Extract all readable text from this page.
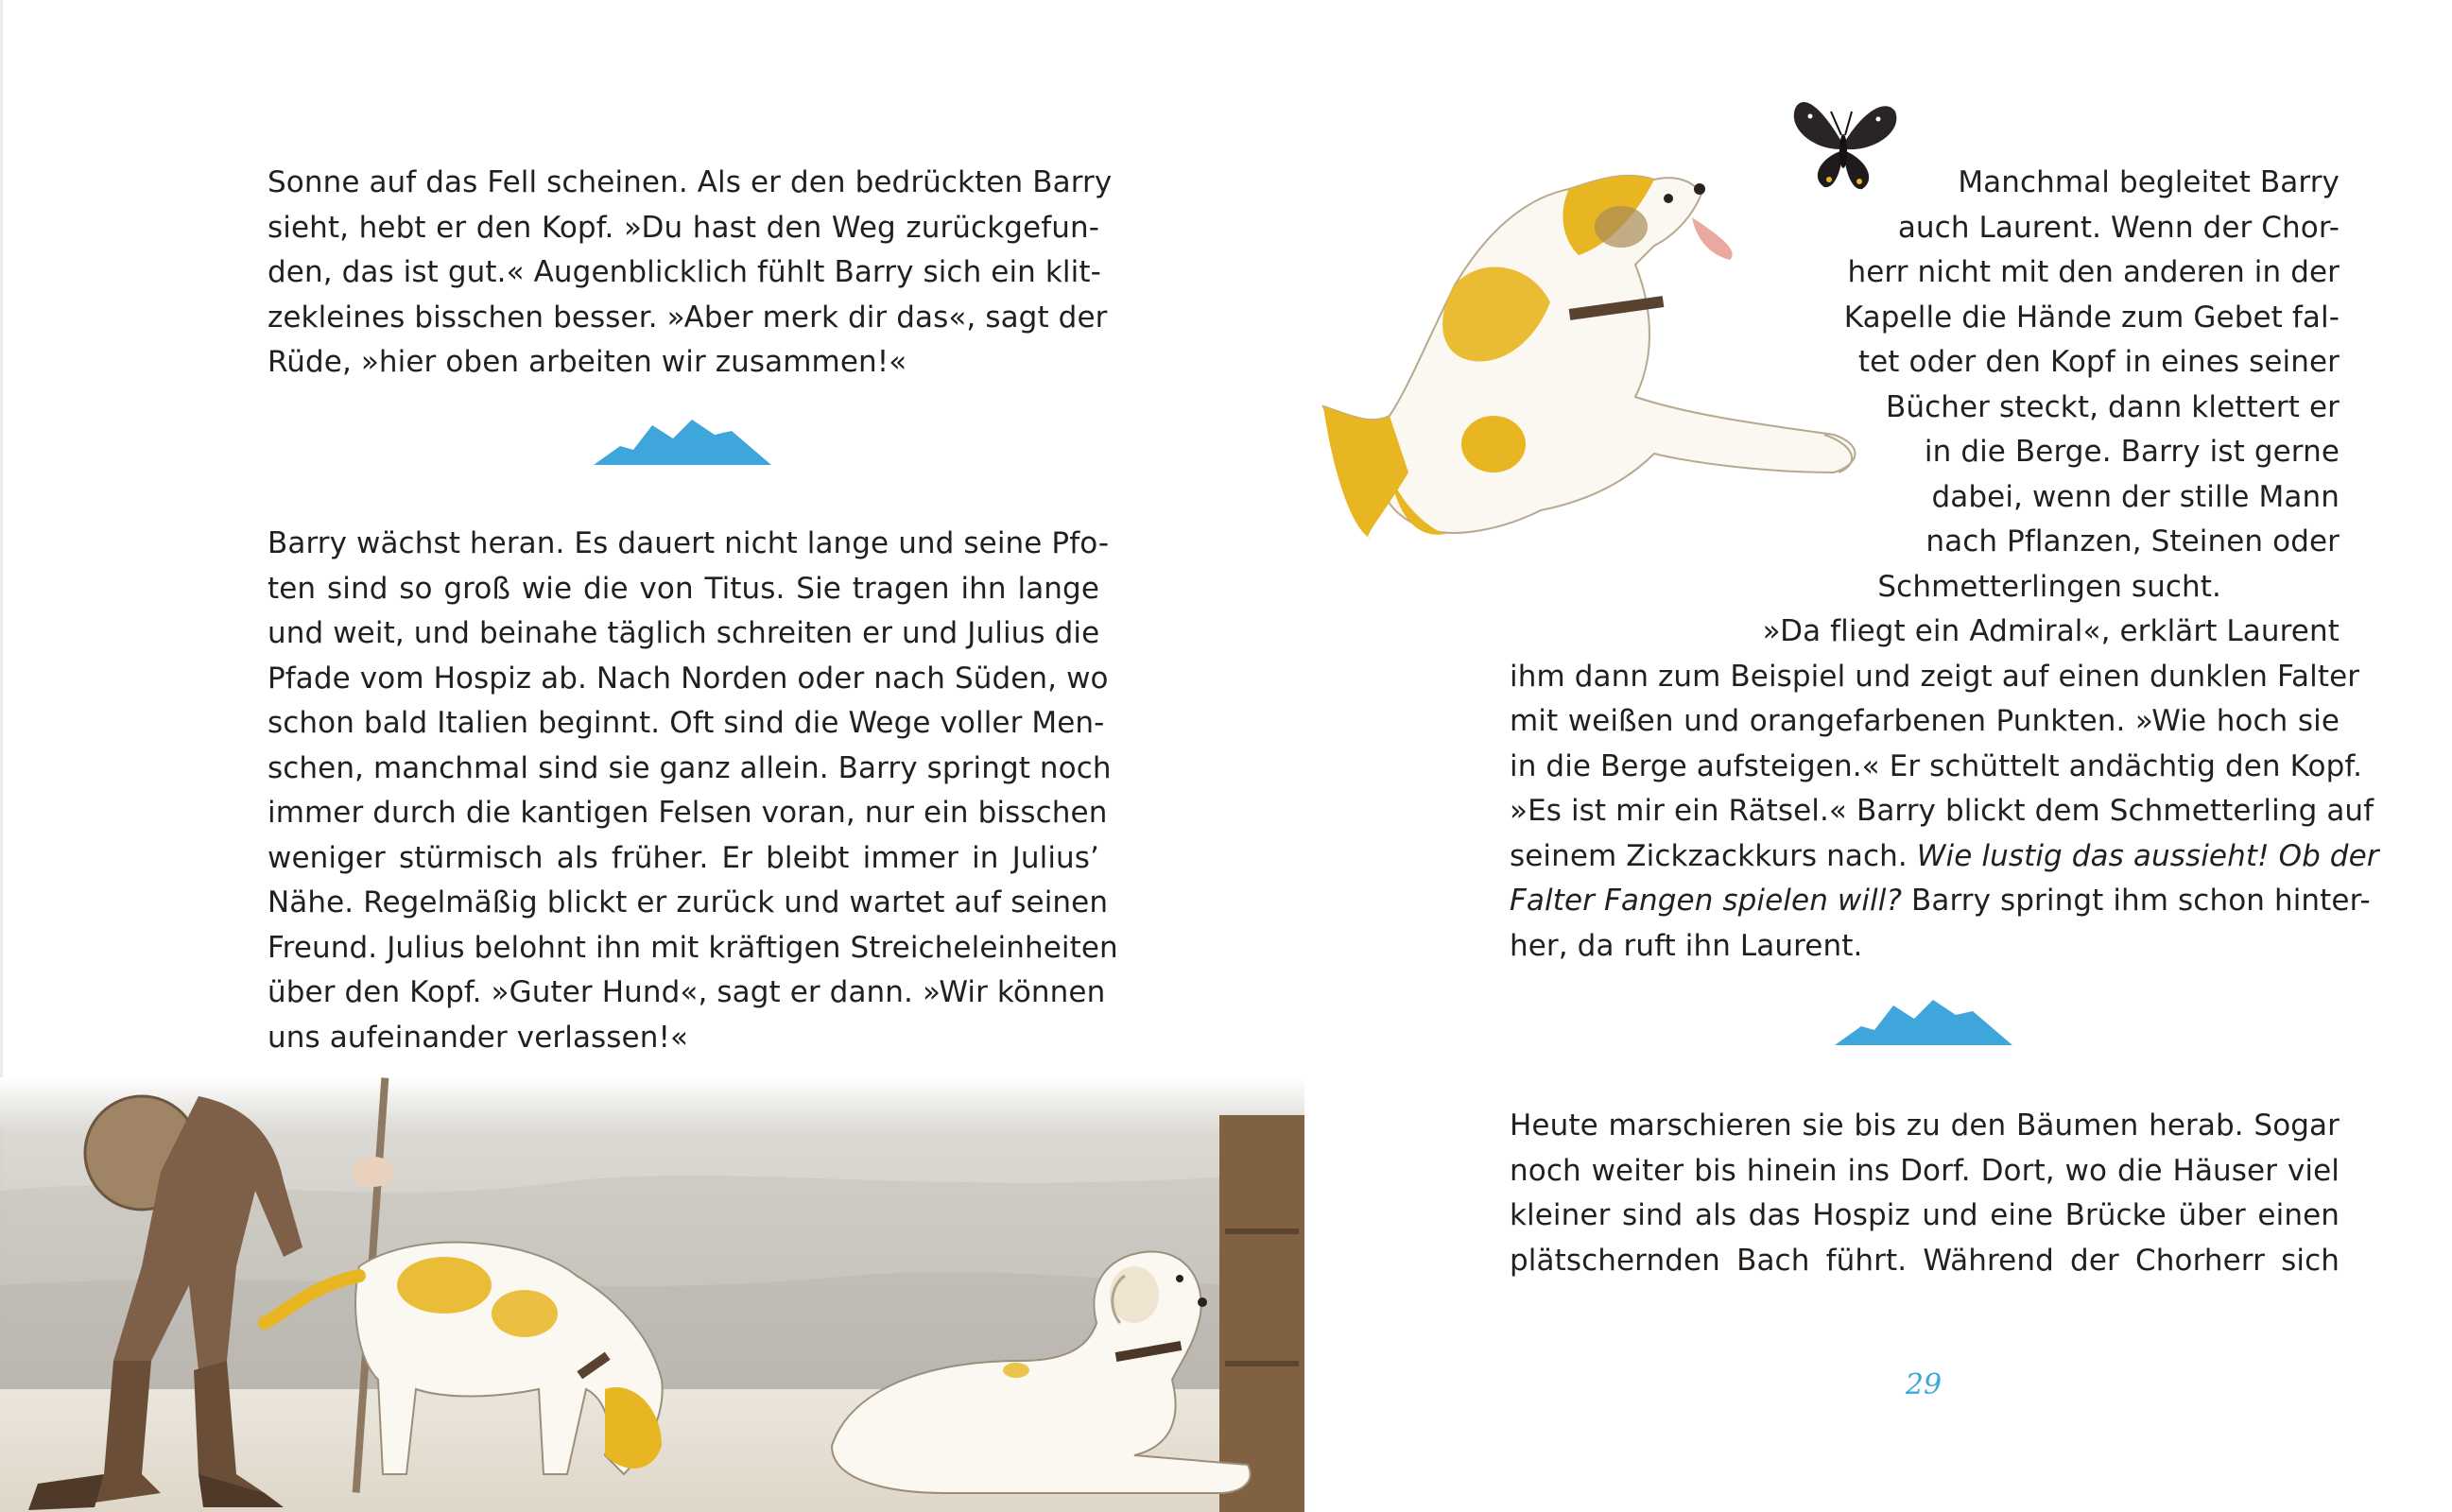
Sonne auf das Fell scheinen. Als er den bedrückten Barry
sieht, hebt er den Kopf. »Du hast den Weg zurückgefun-
den, das ist gut.« Augenblicklich fühlt Barry sich ein klit-
zekleines bisschen besser. »Aber merk dir das«, sagt der
Rüde, »hier oben arbeiten wir zusammen!«
Barry wächst heran. Es dauert nicht lange und seine Pfo-
ten sind so groß wie die von Titus. Sie tragen ihn lange
und weit, und beinahe täglich schreiten er und Julius die
Pfade vom Hospiz ab. Nach Norden oder nach Süden, wo
schon bald Italien beginnt. Oft sind die Wege voller Men-
schen, manchmal sind sie ganz allein. Barry springt noch
immer durch die kantigen Felsen voran, nur ein bisschen
weniger stürmisch als früher. Er bleibt immer in Julius’
Nähe. Regelmäßig blickt er zurück und wartet auf seinen
Freund. Julius belohnt ihn mit kräftigen Streicheleinheiten
über den Kopf. »Guter Hund«, sagt er dann. »Wir können
uns aufeinander verlassen!«
Manchmal begleitet Barry
auch Laurent. Wenn der Chor-
herr nicht mit den anderen in der
Kapelle die Hände zum Gebet fal-
tet oder den Kopf in eines seiner
Bücher steckt, dann klettert er
in die Berge. Barry ist gerne
dabei, wenn der stille Mann
nach Pflanzen, Steinen oder
Schmetterlingen sucht.
»Da fliegt ein Admiral«, erklärt Laurent
ihm dann zum Beispiel und zeigt auf einen dunklen Falter
mit weißen und orangefarbenen Punkten. »Wie hoch sie
in die Berge aufsteigen.« Er schüttelt andächtig den Kopf.
»Es ist mir ein Rätsel.« Barry blickt dem Schmetterling auf
seinem Zickzackkurs nach. Wie lustig das aussieht! Ob der
Falter Fangen spielen will? Barry springt ihm schon hinter-
her, da ruft ihn Laurent.
Heute marschieren sie bis zu den Bäumen herab. Sogar
noch weiter bis hinein ins Dorf. Dort, wo die Häuser viel
kleiner sind als das Hospiz und eine Brücke über einen
plätschernden Bach führt. Während der Chorherr sich
29
